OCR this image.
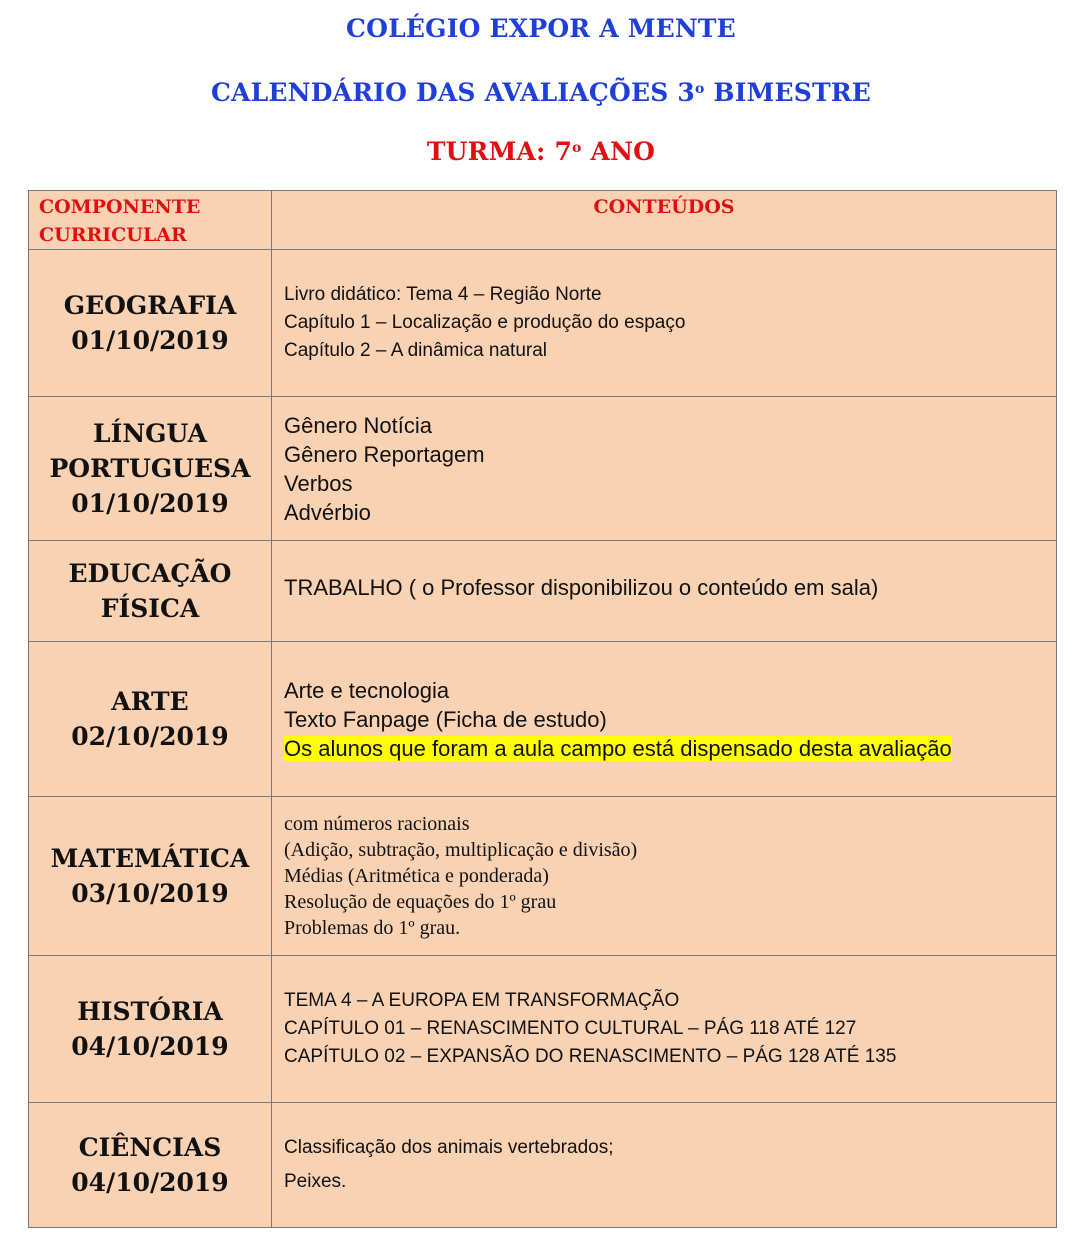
COLÉGIO EXPOR A MENTE
CALENDÁRIO DAS AVALIAÇÕES 3$^o$ BIMESTRE
TURMA: 7$^o$ ANO
COMPONENTE
CURRICULAR	CONTEÚDOS

GEOGRAFIA
01/10/2019	Livro didático: Tema 4 – Região Norte
Capítulo 1 – Localização e produção do espaço
Capítulo 2 – A dinâmica natural

LÍNGUA
PORTUGUESA
01/10/2019	Gênero Notícia
Gênero Reportagem
Verbos
Advérbio

EDUCAÇÃO
FÍSICA	TRABALHO ( o Professor disponibilizou o conteúdo em sala)

ARTE
02/10/2019	Arte e tecnologia
Texto Fanpage (Ficha de estudo)
Os alunos que foram a aula campo está dispensado desta avaliação

MATEMÁTICA
03/10/2019	com números racionais
(Adição, subtração, multiplicação e divisão)
Médias (Aritmética e ponderada)
Resolução de equações do 1º grau
Problemas do 1º grau.

HISTÓRIA
04/10/2019	TEMA 4 – A EUROPA EM TRANSFORMAÇÃO
CAPÍTULO 01 – RENASCIMENTO CULTURAL – PÁG 118 ATÉ 127
CAPÍTULO 02 – EXPANSÃO DO RENASCIMENTO – PÁG 128 ATÉ 135

CIÊNCIAS
04/10/2019	Classificação dos animais vertebrados;
Peixes.
